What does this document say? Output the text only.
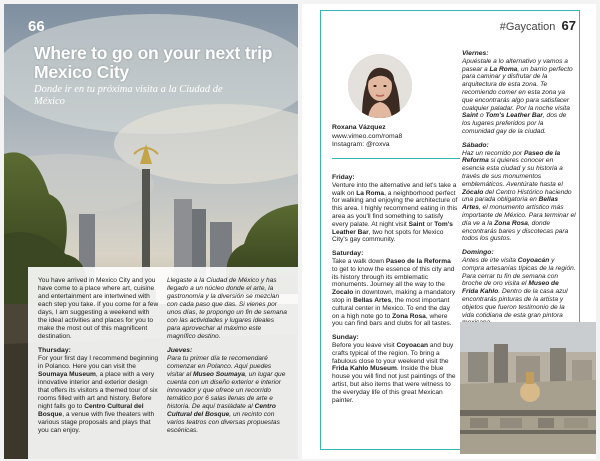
66
Where to go on your next trip Mexico City
Donde ir en tu próxima visita a la Ciudad de México

You have arrived in Mexico City and you have come to a place where art, cuisine and entertainment are intertwined with each step you take. If you come for a few days, I am suggesting a weekend with the ideal activities and places for you to make the most out of this magnificent destination.

Thursday:

For your first day I recommend beginning in Polanco. Here you can visit the Soumaya Museum, a place with a very innovative interior and exterior design that offers its visitors a themed tour of six rooms filled with art and history. Before night falls go to Centro Cultural del Bosque, a venue with five theaters with various stage proposals and plays that you can enjoy.

Llegaste a la Ciudad de México y has llegado a un núcleo donde el arte, la gastronomía y la diversión se mezclan con cada paso que das. Si vienes por unos días, te propongo un fin de semana con las actividades y lugares ideales para aprovechar al máximo este magnífico destino.

Jueves:

Para tu primer día te recomendaré comenzar en Polanco. Aquí puedes visitar al Museo Soumaya, un lugar que cuenta con un diseño exterior e interior innovador y que ofrece un recorrido temático por 6 salas llenas de arte e historia. De aquí trasládate al Centro Cultural del Bosque, un recinto con varios teatros con diversas propuestas escénicas.

#Gaycation 67
Roxana Vázquez
www.vimeo.com/roma8
Instagram: @roxva
Friday:

Venture into the alternative and let's take a walk on La Roma, a neighborhood perfect for walking and enjoying the architecture of this area. I highly recommend eating in this area as you'll find something to satisfy every palate. At night visit Saint or Tom's Leather Bar, two hot spots for Mexico City's gay community.

Saturday:

Take a walk down Paseo de la Reforma to get to know the essence of this city and its history through its emblematic monuments. Journey all the way to the Zocalo in downtown, making a mandatory stop in Bellas Artes, the most important cultural center in Mexico. To end the day on a high note go to Zona Rosa, where you can find bars and clubs for all tastes.

Sunday:

Before you leave visit Coyoacan and buy crafts typical of the region. To bring a fabulous close to your weekend visit the Frida Kahlo Museum. Inside the blue house you will find not just paintings of the artist, but also items that were witness to the everyday life of this great Mexican painter.

Viernes:

Apuéstale a lo alternativo y vamos a pasear a La Roma, un barrio perfecto para caminar y disfrutar de la arquitectura de esta zona. Te recomiendo comer en esta zona ya que encontrarás algo para satisfacer cualquier paladar. Por la noche visita Saint o Tom's Leather Bar, dos de los lugares preferidos por la comunidad gay de la ciudad.

Sábado:

Haz un recorrido por Paseo de la Reforma si quieres conocer en esencia esta ciudad y su historia a través de sus monumentos emblemáticos. Aventúrate hasta el Zócalo del Centro Histórico haciendo una parada obligatoria en Bellas Artes, el monumento artístico más importante de México. Para terminar el día ve a la Zona Rosa, donde encontrarás bares y discotecas para todos los gustos.

Domingo:

Antes de irte visita Coyoacán y compra artesanías típicas de la región. Para cerrar tu fin de semana con broche de oro visita el Museo de Frida Kahlo. Dentro de la casa azul encontrarás pinturas de la artista y objetos que fueron testimonio de la vida cotidiana de esta gran pintora
